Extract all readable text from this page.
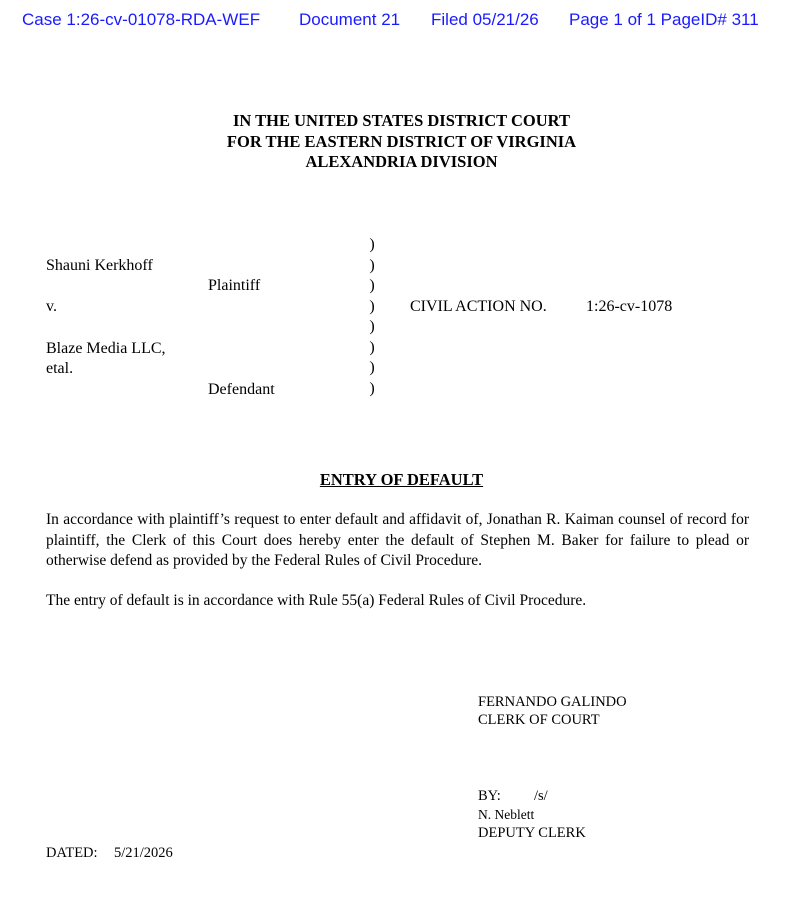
Case 1:26-cv-01078-RDA-WEF Document 21 Filed 05/21/26 Page 1 of 1 PageID# 311
IN THE UNITED STATES DISTRICT COURT
FOR THE EASTERN DISTRICT OF VIRGINIA
ALEXANDRIA DIVISION
Shauni Kerkhoff
Plaintiff
v.
Blaze Media LLC,
etal.
Defendant
)
)
)
)
)
)
)
)
CIVIL ACTION NO. 1:26-cv-1078
ENTRY OF DEFAULT
In accordance with plaintiff’s request to enter default and affidavit of, Jonathan R. Kaiman counsel of record for plaintiff, the Clerk of this Court does hereby enter the default of Stephen M. Baker for failure to plead or otherwise defend as provided by the Federal Rules of Civil Procedure.
The entry of default is in accordance with Rule 55(a) Federal Rules of Civil Procedure.
FERNANDO GALINDO
CLERK OF COURT
BY: /s/
N. Neblett
DEPUTY CLERK
DATED: 5/21/2026
